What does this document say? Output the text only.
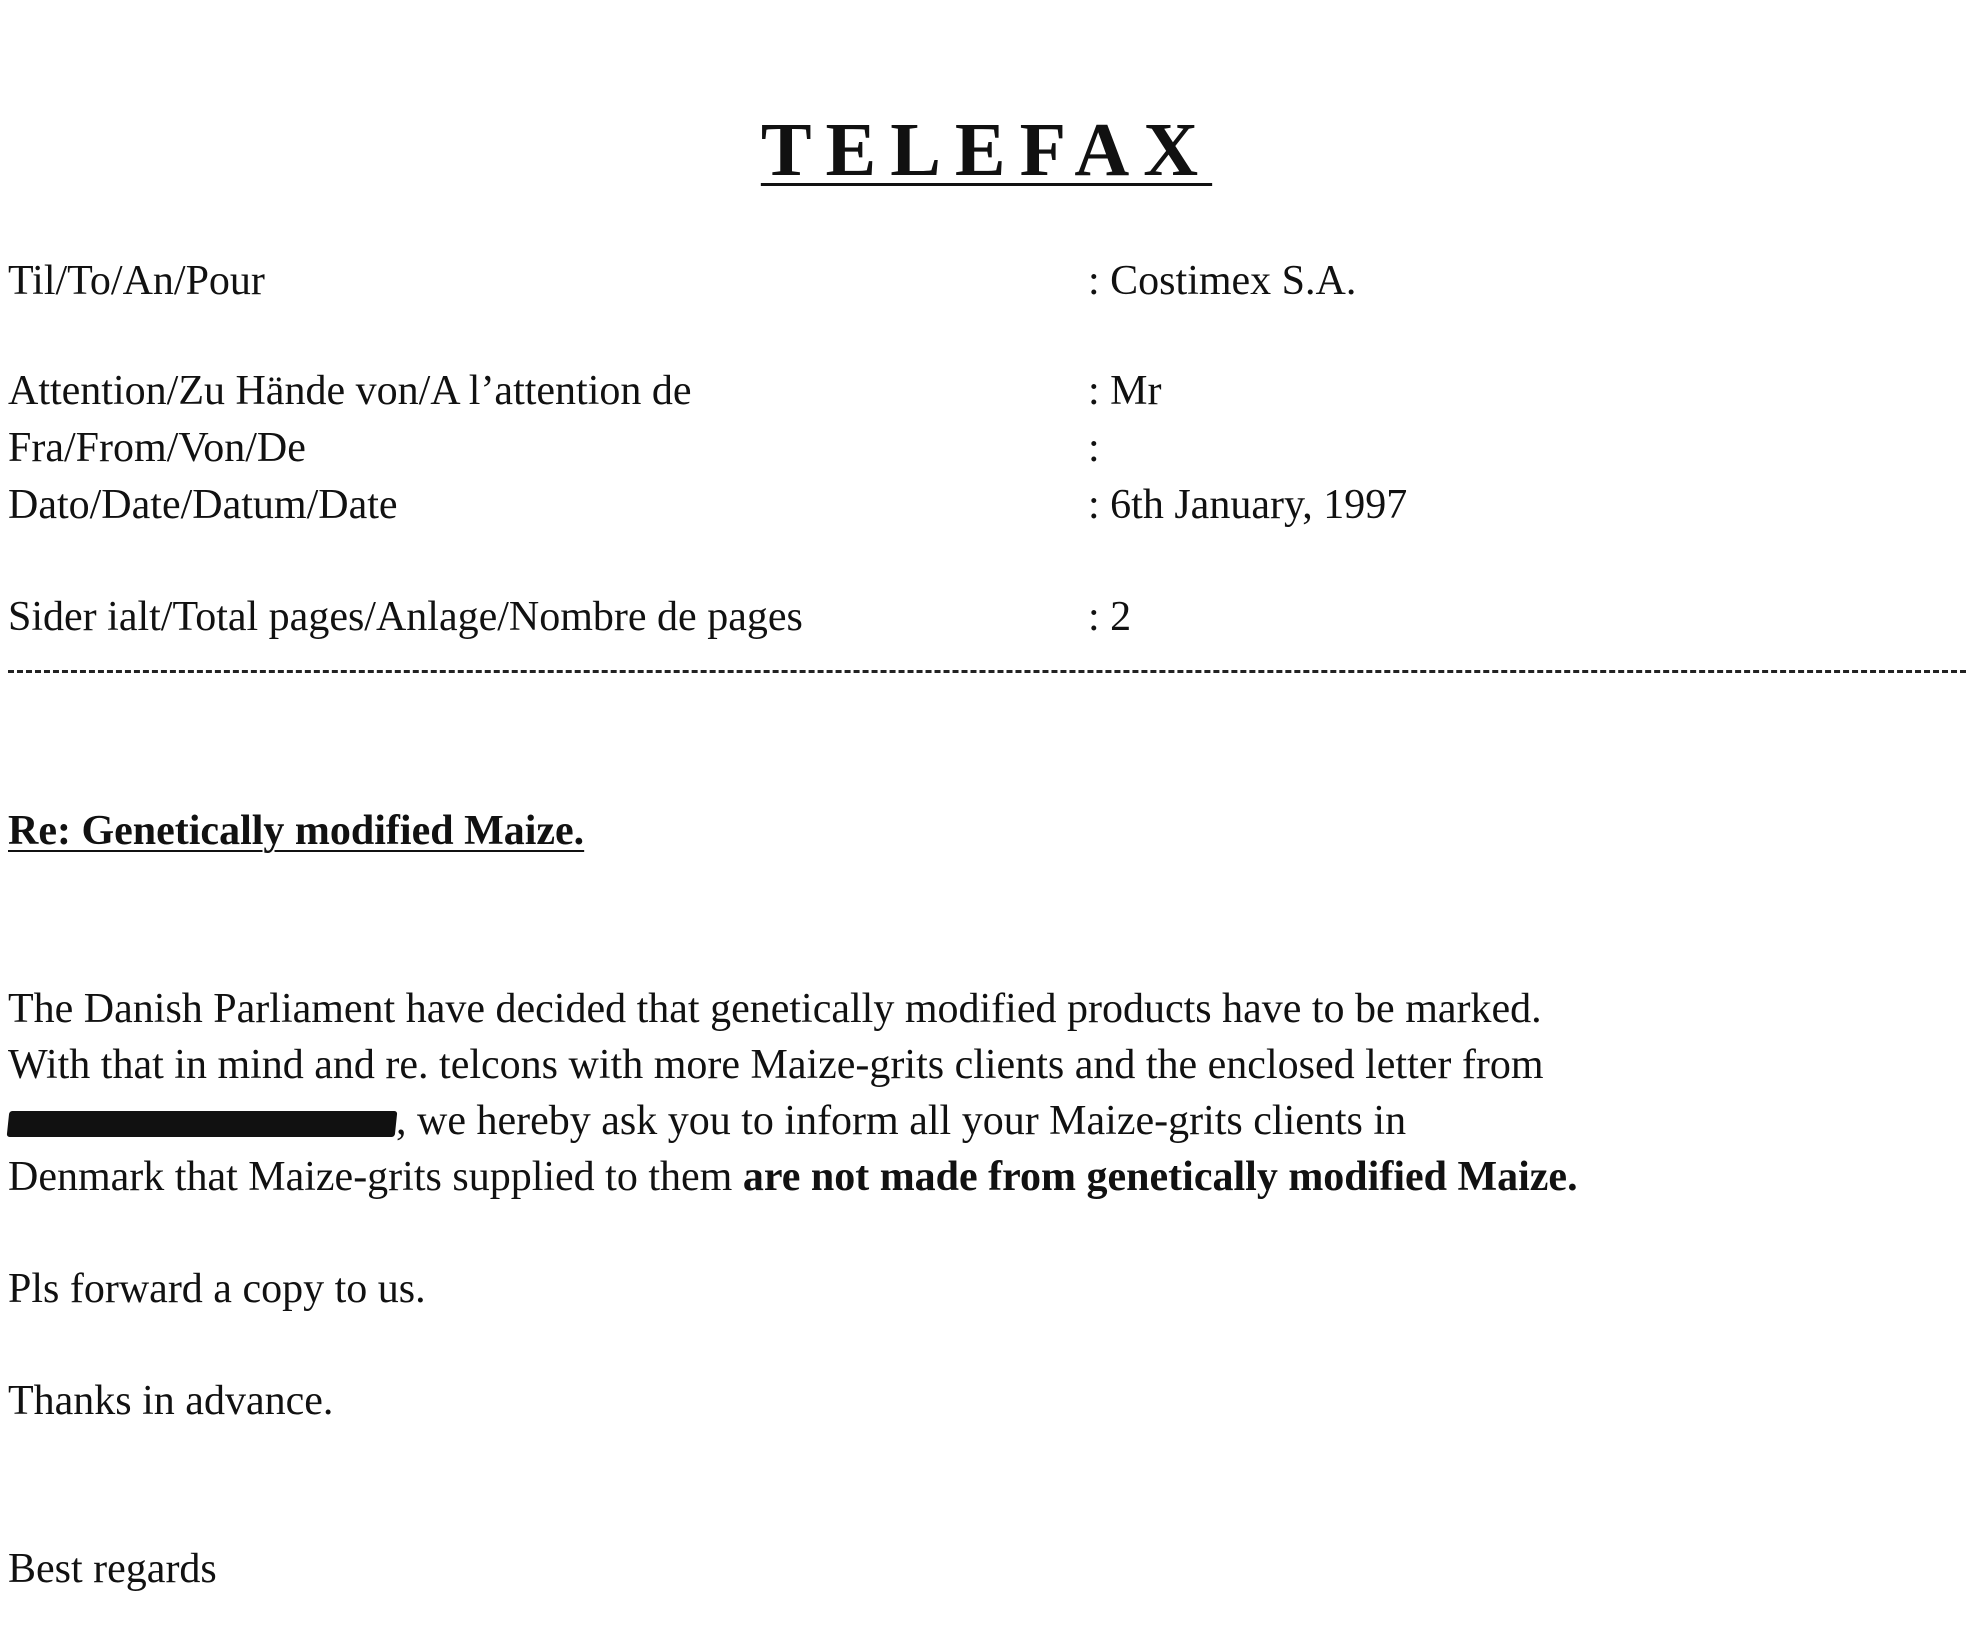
TELEFAX
Til/To/An/Pour	: Costimex S.A.
Attention/Zu Hände von/A l’attention de	: Mr
Fra/From/Von/De	:
Dato/Date/Datum/Date	: 6th January, 1997
Sider ialt/Total pages/Anlage/Nombre de pages	: 2
Re: Genetically modified Maize.
The Danish Parliament have decided that genetically modified products have to be marked.
With that in mind and re. telcons with more Maize-grits clients and the enclosed letter from
, we hereby ask you to inform all your Maize-grits clients in
Denmark that Maize-grits supplied to them are not made from genetically modified Maize.
Pls forward a copy to us.
Thanks in advance.
Best regards
